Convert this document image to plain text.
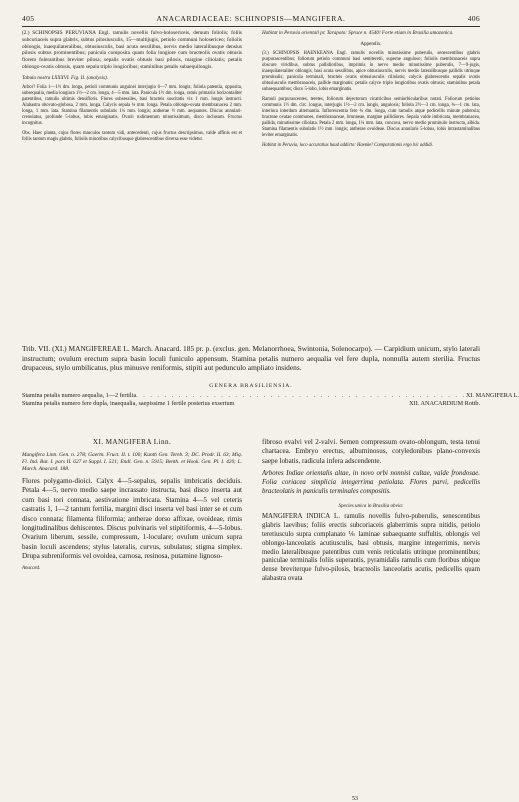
405	ANACARDIACEAE: SCHINOPSIS—MANGIFERA.	406

(2.) SCHINOPSIS PERUVIANA Engl. ramulis novellis fulvo-holosericeis, demum foliolis; foliis subcoriaceis supra glabris, subtus pilosiusculis, 15—multijugis, petiolo communi holosericeo; foliolis oblongis, inaequilateralibus, obtusiusculis, basi acuta sessilibus, nervis medio lateralibusque densius pilosis subtus prominentibus; panicula composita quam folia longiore cum bracteolis ovatis obtusis florem fulerantibus breviter pilosa; sepalis ovatis obtusis basi pilosis, margine ciliolatis; petalis oblongo-ovatis obtusis, quam sepala triplo longioribus; staminibus petalis subaequilongis.

Tabula nostra LXXXVI. Fig. II. (analysis).

Arbor? Folia 1—1½ dm. longa, petioli communis anguinei interjugio 6—7 mm. longis; foliola patentia, opposita, subsequalia, media longiora 1½—2 cm. longa, 4—5 mm. lata. Panicula 1½ dm. longa, ramis primariis horizontaliter patentibus, ramulis ultimis densifloris. Flores subsessiles, basi bracteis suscitatis vix 1 mm. longis instructi. Alabastra obovato-globosa, 2 mm. longa. Calycis sepala ¾ mm. longa. Petala oblongo-ovata membranacea 2 mm. longa, 1 mm. lata. Stamina filamentis subulatis 1¼ mm. longis; antherae ½ mm. aequantes. Discus annulari-crenulatus, profunde 5-lobus, lobis emarginatis. Ovarii rudimentum minutissimum, disco inclusum. Fructus incognitus.

Obs. Haec planta, cujus flores masculos tantum vidi, antecedenti, cujus fructus descripsimus, valde affinis est et foliis tantum magis glabris, foliolis minoribus calycibusque glabrescentibus diversa esse videtur.

Habitat in Peruvia orientali pr. Tarapoto: Spruce n. 4540! Forte etiam in Brasilia amazonica.

Appendix.

(3.) SCHINOPSIS HAENKEANA Engl. ramulis novellis minutissime puberulis, senescentibus glabris purpurascentibus; foliorum petiolo communi basi semiteretii, superne anguloso; foliolis membranaceis supra obscure viridibus, subtus pallidioribus, imprimis in nervo medio minutissime puberulis, 7—9-jugis, inaequilateraliter oblongis, basi acuta sessilibus, apice obtusiusculis, nervis medio lateralibusque pallidis utrinque prominulis; panicula terminali, bracteis ovatis obtusiusculis ciliolatis; calycis glabrescentis sepalis ovatis obtusiusculis membranaceis, pallide marginatis; petalis calyce triplo longioribus ovatis obtusis; staminibus petala subaequantibus; disco 5-lobo, lobis emarginatis.

Ramuli purpurascentes, teretes, foliorum dejectorum cicatricibus semiorbicularibus notati. Foliorum petiolus communis 1½ dm. circ. longus, interjugis 1½—2 cm. longis, angulosis; foliola 2½—3 cm. longa, ¾—1 cm. lata, interiora interdum alternantia. Inflorescentia fere ¾ dm. longa, cum ramulis atque pedicellis minute puberula; bracteae ovatae communes, membranaceae, brunneae, margine pallidiores. Sepala valde imbricata, membranacea, pallida, minutissime ciliolata. Petala 2 mm. longa, 1¼ mm. lata, concava, nervo medio prominulo instructa, albida. Stamina filamentis subulatis 1½ mm. longis; antherae ovoideae. Discus annularis 5-lobus, lobis intrastaminalibus leviter emarginatis.

Habitat in Peruvia, loco accuratius haud addicto: Haenke! Comparationis ergo hic addidi.

Trib. VII. (XI.) MANGIFEREAE L. March. Anacard. 185 pr. p. (exclus. gen. Melanorrhoea, Swintonia, Solenocarpo). — Carpidium unicum, stylo laterali instructum; ovulum erectum supra basin loculi funiculo appensum. Stamina petalis numero aequalia vel fere dupla, nonnulla autem sterilia. Fructus drupaceus, stylo umbilicatus, plus minusve reniformis, stipiti aut pedunculo ampliato insidens.

GENERA BRASILIENSIA.
Stamina petalis numero aequalia, 1—2 fertilia . . . . . . . . . . . . . . . . . . . . . . . . . . . . . . . . . . . . . . . . . . . . . . . XI. MANGIFERA L.
Stamina petalis numero fere dupla, inaequalia, saepissime 1 fertile posterius exsertum	XII. ANACARDIUM Rottb.
XI. MANGIFERA Linn.

Mangifera Linn. Gen. n. 278; Gaertn. Fruct. II. t. 100; Kunth Gen. Tereb. 3; DC. Prodr. II. 63; Miq. Fl. Ind. Bat. I. pars II. 627 et Suppl. I. 521; Endl. Gen. n. 5915; Benth. et Hook. Gen. Pl. I. 420; L. March. Anacard. 188.

Flores polygamo-dioici. Calyx 4—5-sepalus, sepalis imbricatis deciduis. Petala 4—5, nervo medio saepe incrassato instructa, basi disco inserta aut cum basi tori connata, aestivatione imbricata. Stamina 4—5 vel ceteris castratis 1, 1—2 tantum fertilia, margini disci inserta vel basi inter se et cum disco connata; filamenta filiformia; antherae dorso affixae, ovoideae, rimis longitudinalibus dehiscentes. Discus pulvinaris vel stipitiformis, 4—5-lobus. Ovarium liberum, sessile, compressum, 1-loculare; ovulum unicum supra basin loculi ascendens; stylus lateralis, curvus, subulatus; stigma simplex. Drupa subreniformis vel ovoidea, carnosa, resinosa, putamine lignoso-

Anacard.

fibroso evalvi vel 2-valvi. Semen compressum ovato-oblongum, testa tenui chartacea. Embryo erectus, albuminosus, cotyledonibus plano-convexis saepe lobatis, radicula infera adscendente.

Arbores Indiae orientalis altae, in novo orbi nonnisi cultae, valde frondosae. Folia coriacea simplicia integerrima petiolata. Flores parvi, pedicellis bracteolatis in paniculis terminales compositis.

Species unica in Brasilia obvia:

MANGIFERA INDICA L. ramulis novellis fulvo-puberulis, senescentibus glabris laevibus; foliis erectis subcoriaceis glaberrimis supra nitidis, petiolo teretiusculo supra complanato ⅙ laminae subaequante suffultis, oblongis vel oblongo-lanceolatis acutiusculis, basi obtusis, margine integerrimis, nervis medio lateralibusque patentibus cum venis reticulatis utrinque prominentibus; paniculae terminalis foliis superantis, pyramidalis ramulis cum floribus ubique dense breviterque fulvo-pilosis, bracteolis lanceolatis acutis, pedicellis quam alabastra ovata

53
